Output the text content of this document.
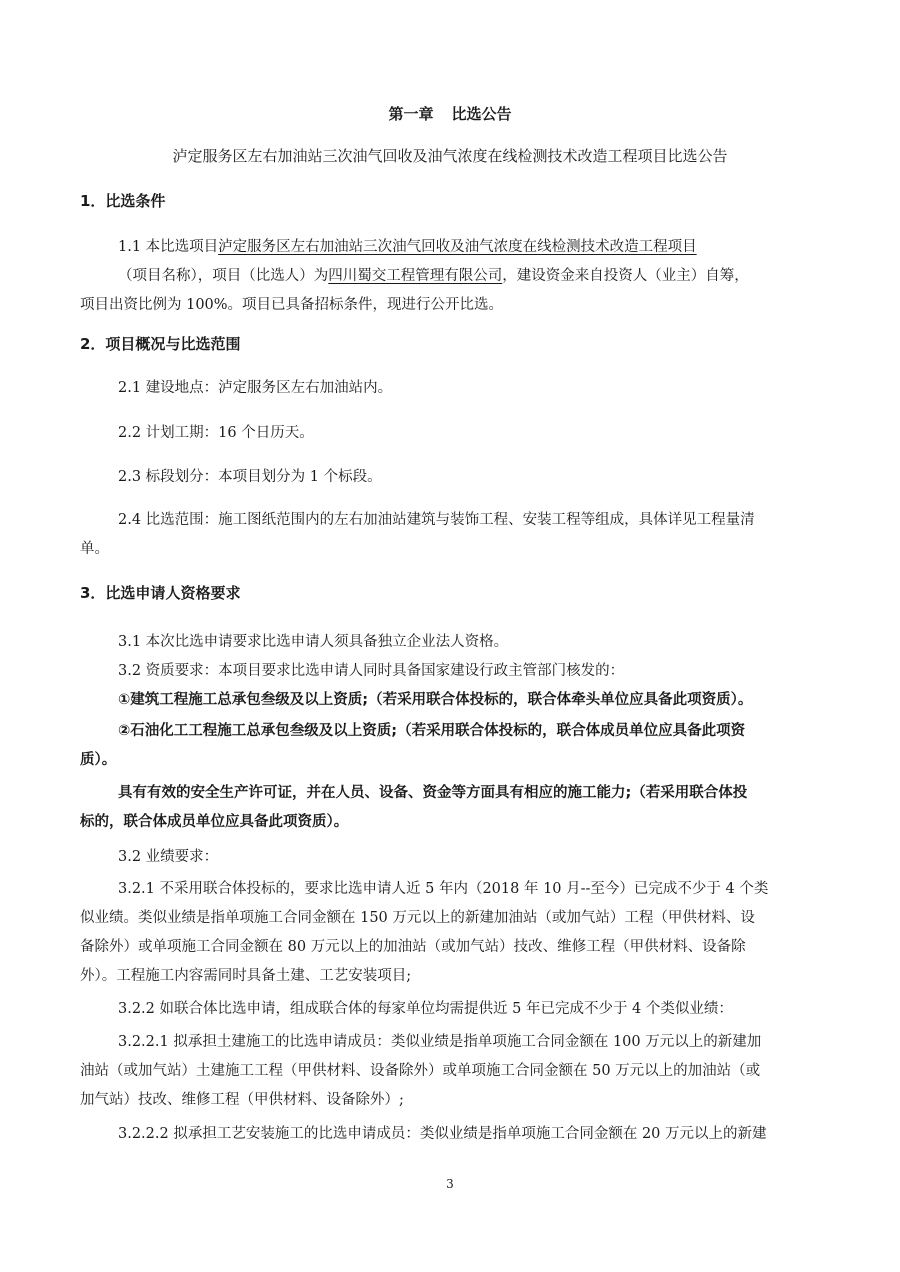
第一章 比选公告
泸定服务区左右加油站三次油气回收及油气浓度在线检测技术改造工程项目比选公告
1．比选条件
1.1 本比选项目泸定服务区左右加油站三次油气回收及油气浓度在线检测技术改造工程项目
（项目名称），项目（比选人）为四川蜀交工程管理有限公司，建设资金来自投资人（业主）自筹，
项目出资比例为 100%。项目已具备招标条件，现进行公开比选。
2．项目概况与比选范围
2.1 建设地点：泸定服务区左右加油站内。
2.2 计划工期：16 个日历天。
2.3 标段划分：本项目划分为 1 个标段。
2.4 比选范围：施工图纸范围内的左右加油站建筑与装饰工程、安装工程等组成，具体详见工程量清
单。
3．比选申请人资格要求
3.1 本次比选申请要求比选申请人须具备独立企业法人资格。
3.2 资质要求：本项目要求比选申请人同时具备国家建设行政主管部门核发的：
①建筑工程施工总承包叁级及以上资质;（若采用联合体投标的，联合体牵头单位应具备此项资质）。
②石油化工工程施工总承包叁级及以上资质;（若采用联合体投标的，联合体成员单位应具备此项资
质）。
具有有效的安全生产许可证，并在人员、设备、资金等方面具有相应的施工能力;（若采用联合体投
标的，联合体成员单位应具备此项资质）。
3.2 业绩要求：
3.2.1 不采用联合体投标的，要求比选申请人近 5 年内（2018 年 10 月--至今）已完成不少于 4 个类
似业绩。类似业绩是指单项施工合同金额在 150 万元以上的新建加油站（或加气站）工程（甲供材料、设
备除外）或单项施工合同金额在 80 万元以上的加油站（或加气站）技改、维修工程（甲供材料、设备除
外）。工程施工内容需同时具备土建、工艺安装项目;
3.2.2 如联合体比选申请，组成联合体的每家单位均需提供近 5 年已完成不少于 4 个类似业绩：
3.2.2.1 拟承担土建施工的比选申请成员：类似业绩是指单项施工合同金额在 100 万元以上的新建加
油站（或加气站）土建施工工程（甲供材料、设备除外）或单项施工合同金额在 50 万元以上的加油站（或
加气站）技改、维修工程（甲供材料、设备除外）;
3.2.2.2 拟承担工艺安装施工的比选申请成员：类似业绩是指单项施工合同金额在 20 万元以上的新建
3
